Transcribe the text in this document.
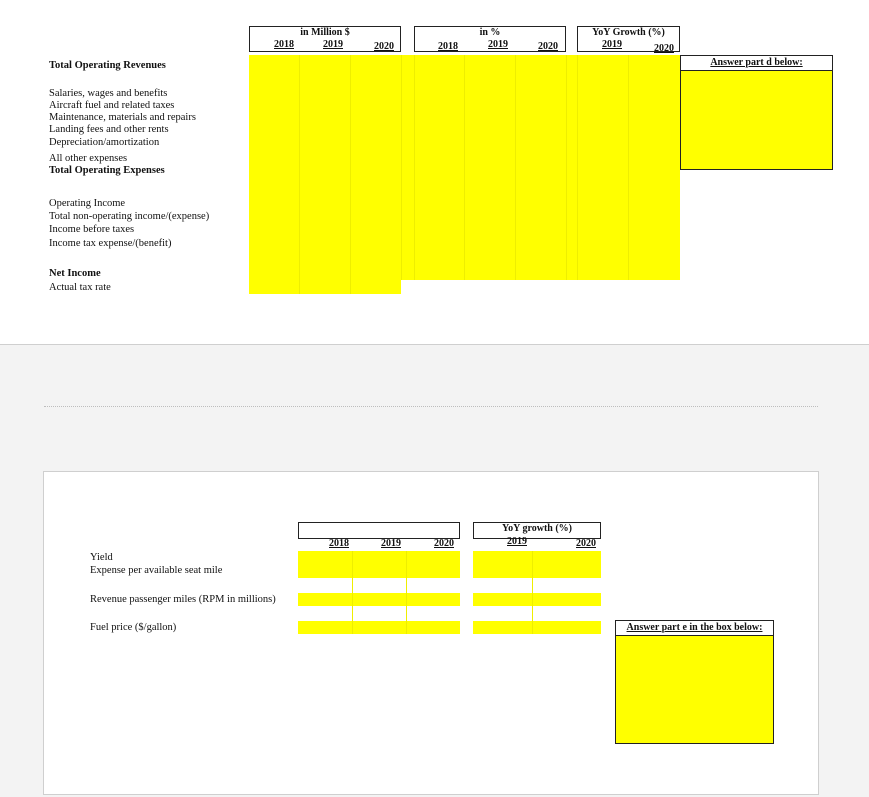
in Million $
2018	2019	2020
in %
2018	2019	2020
YoY Growth (%)
2019	2020
Total Operating Revenues
Salaries, wages and benefits
Aircraft fuel and related taxes
Maintenance, materials and repairs
Landing fees and other rents
Depreciation/amortization
All other expenses
Total Operating Expenses
Operating Income
Total non-operating income/(expense)
Income before taxes
Income tax expense/(benefit)
Net Income
Actual tax rate
Answer part d below:
2018	2019	2020
YoY growth (%)
2019	2020
Yield
Expense per available seat mile
Revenue passenger miles (RPM in millions)
Fuel price ($/gallon)	Answer part e in the box below:
